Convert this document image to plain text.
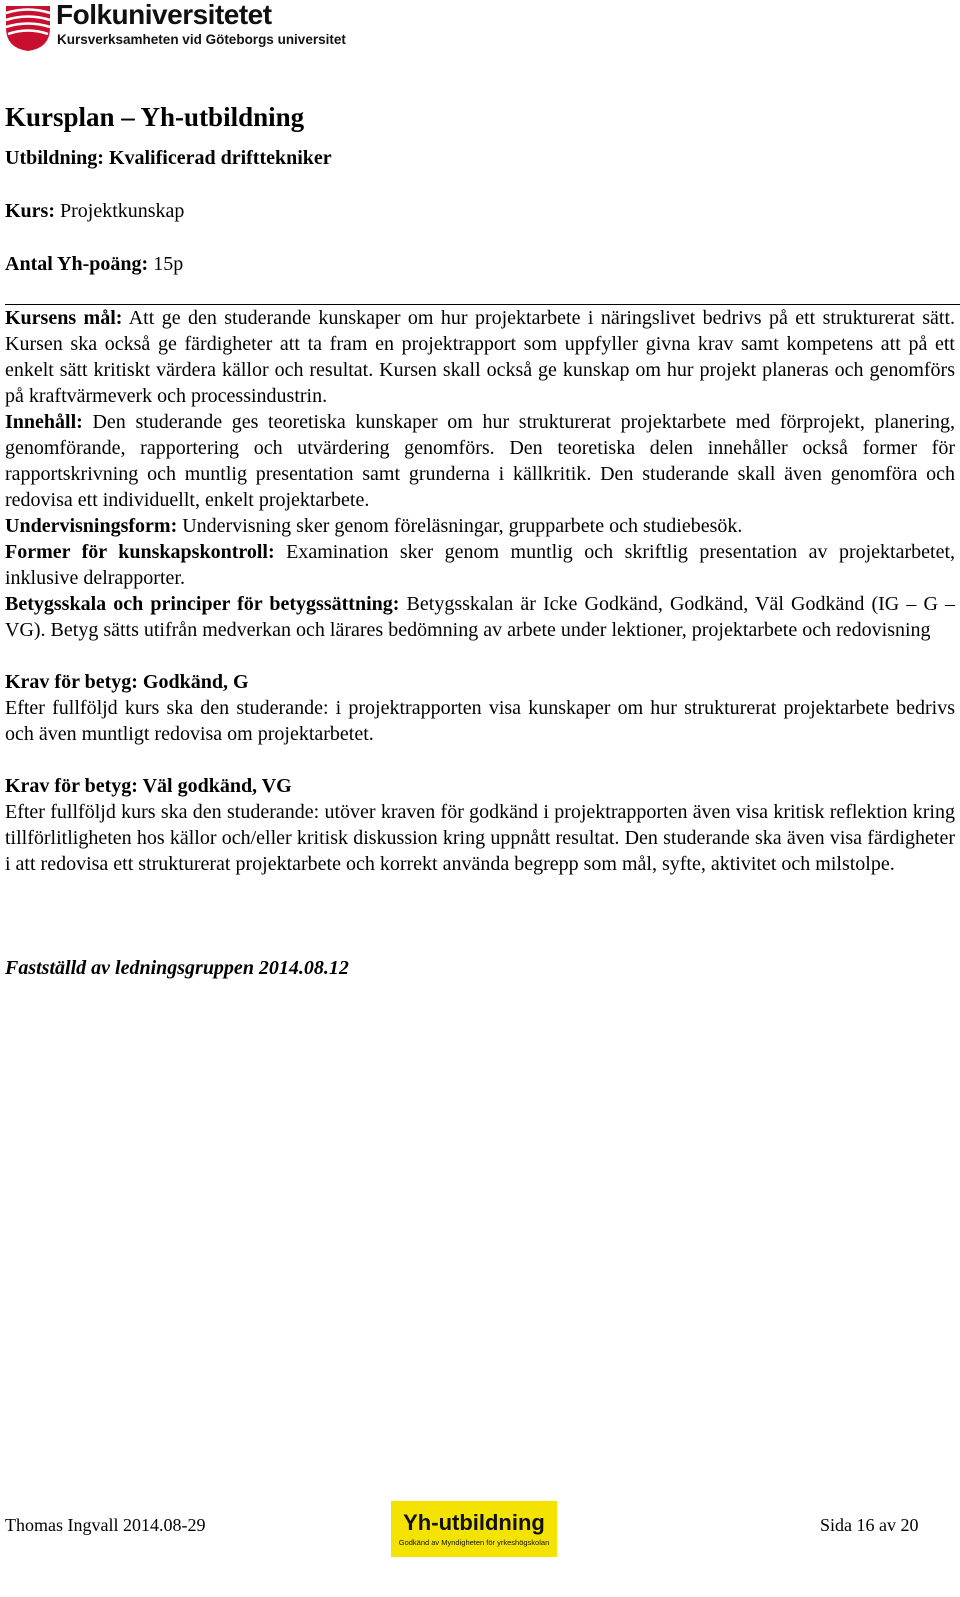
Folkuniversitetet
Kursverksamheten vid Göteborgs universitet
Kursplan – Yh-utbildning

Utbildning: Kvalificerad drifttekniker

Kurs: Projektkunskap

Antal Yh-poäng: 15p

Kursens mål: Att ge den studerande kunskaper om hur projektarbete i näringslivet bedrivs på ett strukturerat sätt. Kursen ska också ge färdigheter att ta fram en projektrapport som uppfyller givna krav samt kompetens att på ett enkelt sätt kritiskt värdera källor och resultat. Kursen skall också ge kunskap om hur projekt planeras och genomförs på kraftvärmeverk och processindustrin.

Innehåll: Den studerande ges teoretiska kunskaper om hur strukturerat projektarbete med förprojekt, planering, genomförande, rapportering och utvärdering genomförs. Den teoretiska delen innehåller också former för rapportskrivning och muntlig presentation samt grunderna i källkritik. Den studerande skall även genomföra och redovisa ett individuellt, enkelt projektarbete.

Undervisningsform: Undervisning sker genom föreläsningar, grupparbete och studiebesök.

Former för kunskapskontroll: Examination sker genom muntlig och skriftlig presentation av projektarbetet, inklusive delrapporter.

Betygsskala och principer för betygssättning: Betygsskalan är Icke Godkänd, Godkänd, Väl Godkänd (IG – G – VG). Betyg sätts utifrån medverkan och lärares bedömning av arbete under lektioner, projektarbete och redovisning

Krav för betyg: Godkänd, G

Efter fullföljd kurs ska den studerande: i projektrapporten visa kunskaper om hur strukturerat projektarbete bedrivs och även muntligt redovisa om projektarbetet.

Krav för betyg: Väl godkänd, VG

Efter fullföljd kurs ska den studerande: utöver kraven för godkänd i projektrapporten även visa kritisk reflektion kring tillförlitligheten hos källor och/eller kritisk diskussion kring uppnått resultat. Den studerande ska även visa färdigheter i att redovisa ett strukturerat projektarbete och korrekt använda begrepp som mål, syfte, aktivitet och milstolpe.

Fastställd av ledningsgruppen 2014.08.12

Thomas Ingvall 2014.08-29	Yh-utbildning
Godkänd av Myndigheten för yrkeshögskolan
Sida 16 av 20
